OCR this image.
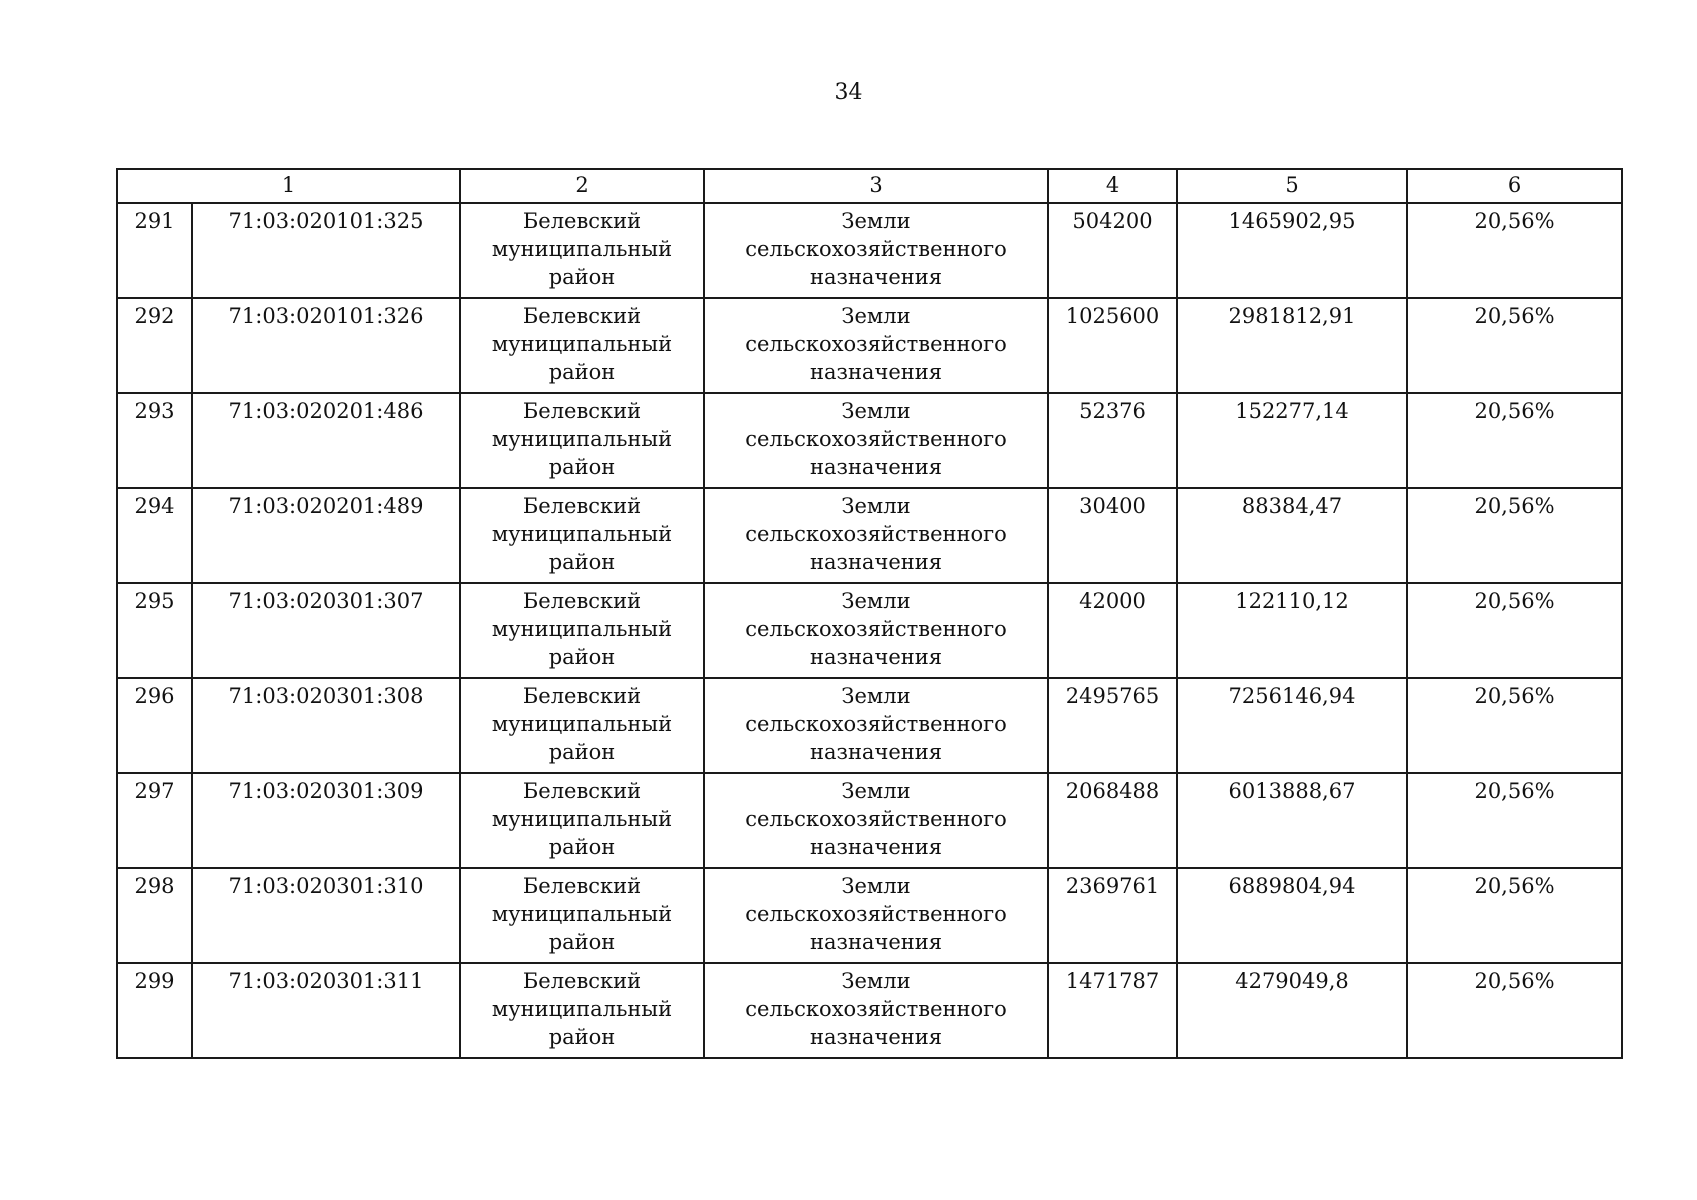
34
1		2	3	4	5	6
291	71:03:020101:325	Белевский муниципальный район	Земли сельскохозяйственного назначения	504200	1465902,95	20,56%
292	71:03:020101:326	Белевский муниципальный район	Земли сельскохозяйственного назначения	1025600	2981812,91	20,56%
293	71:03:020201:486	Белевский муниципальный район	Земли сельскохозяйственного назначения	52376	152277,14	20,56%
294	71:03:020201:489	Белевский муниципальный район	Земли сельскохозяйственного назначения	30400	88384,47	20,56%
295	71:03:020301:307	Белевский муниципальный район	Земли сельскохозяйственного назначения	42000	122110,12	20,56%
296	71:03:020301:308	Белевский муниципальный район	Земли сельскохозяйственного назначения	2495765	7256146,94	20,56%
297	71:03:020301:309	Белевский муниципальный район	Земли сельскохозяйственного назначения	2068488	6013888,67	20,56%
298	71:03:020301:310	Белевский муниципальный район	Земли сельскохозяйственного назначения	2369761	6889804,94	20,56%
299	71:03:020301:311	Белевский муниципальный район	Земли сельскохозяйственного назначения	1471787	4279049,8	20,56%
